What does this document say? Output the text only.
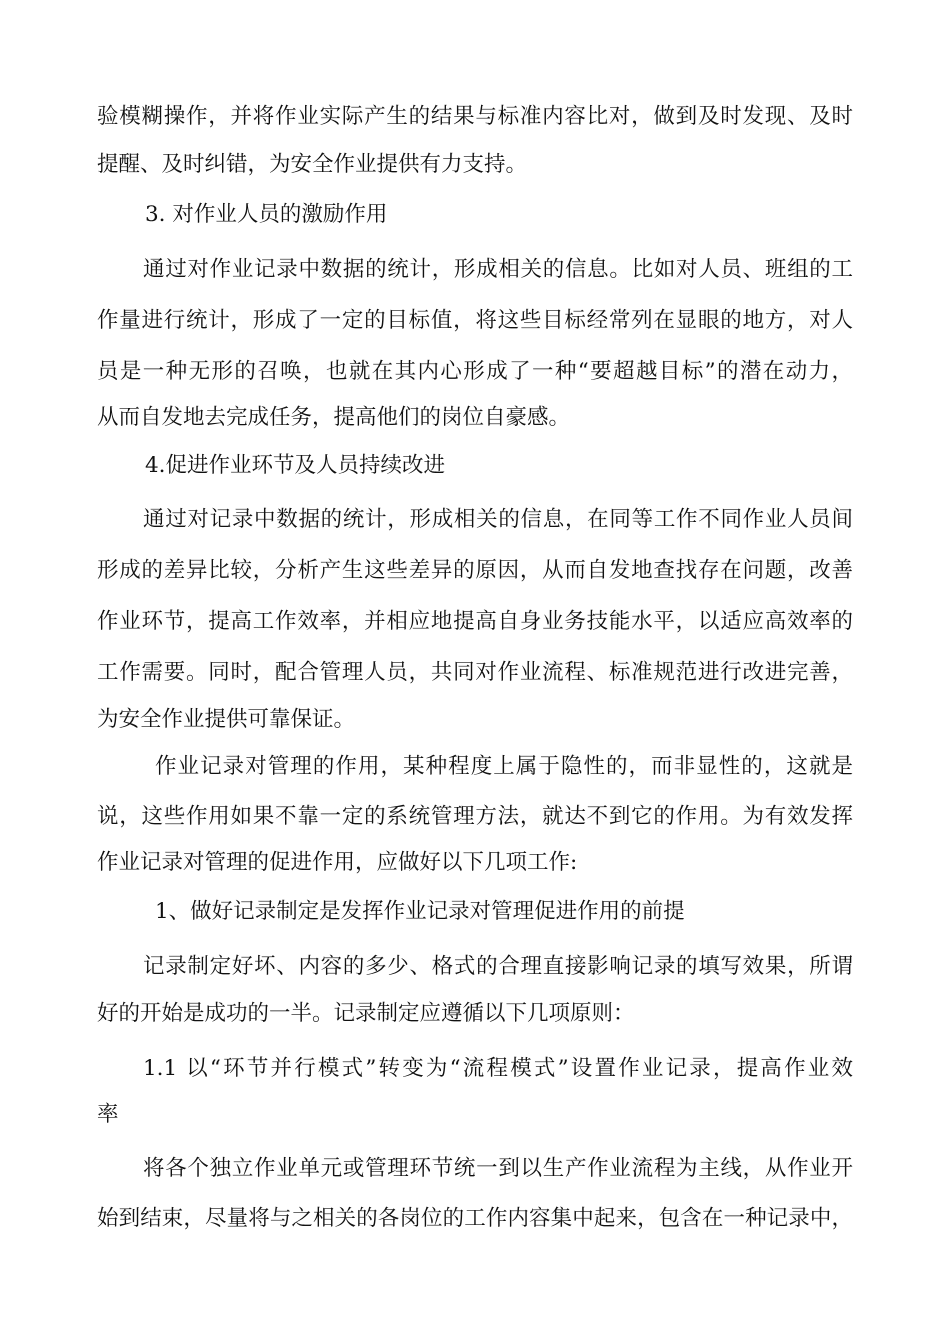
验模糊操作，并将作业实际产生的结果与标准内容比对，做到及时发现、及时
提醒、及时纠错，为安全作业提供有力支持。
3. 对作业人员的激励作用
通过对作业记录中数据的统计，形成相关的信息。比如对人员、班组的工
作量进行统计，形成了一定的目标值，将这些目标经常列在显眼的地方，对人
员是一种无形的召唤，也就在其内心形成了一种“要超越目标”的潜在动力，
从而自发地去完成任务，提高他们的岗位自豪感。
4.促进作业环节及人员持续改进
通过对记录中数据的统计，形成相关的信息，在同等工作不同作业人员间
形成的差异比较，分析产生这些差异的原因，从而自发地查找存在问题，改善
作业环节，提高工作效率，并相应地提高自身业务技能水平，以适应高效率的
工作需要。同时，配合管理人员，共同对作业流程、标准规范进行改进完善，
为安全作业提供可靠保证。
作业记录对管理的作用，某种程度上属于隐性的，而非显性的，这就是
说，这些作用如果不靠一定的系统管理方法，就达不到它的作用。为有效发挥
作业记录对管理的促进作用，应做好以下几项工作:
1、做好记录制定是发挥作业记录对管理促进作用的前提
记录制定好坏、内容的多少、格式的合理直接影响记录的填写效果，所谓
好的开始是成功的一半。记录制定应遵循以下几项原则：
1.1 以“环节并行模式”转变为“流程模式”设置作业记录，提高作业效
率
将各个独立作业单元或管理环节统一到以生产作业流程为主线，从作业开
始到结束，尽量将与之相关的各岗位的工作内容集中起来，包含在一种记录中，
